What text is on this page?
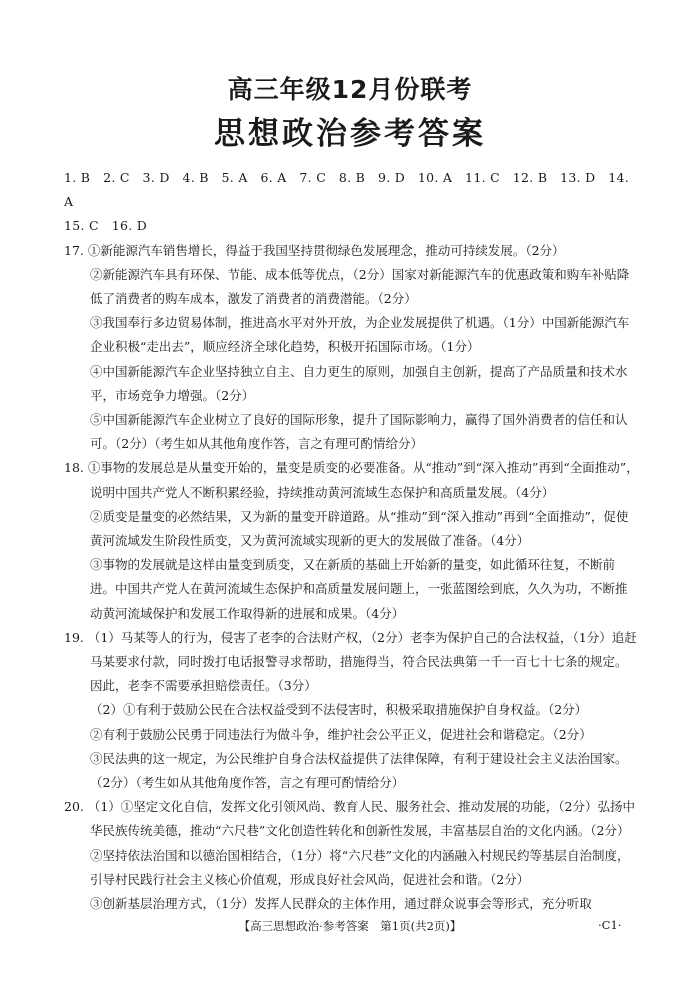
高三年级12月份联考
思想政治参考答案

1. B　2. C　3. D　4. B　5. A　6. A　7. C　8. B　9. D　10. A　11. C　12. B　13. D　14. A

15. C　16. D

17. ①新能源汽车销售增长，得益于我国坚持贯彻绿色发展理念，推动可持续发展。（2分）

②新能源汽车具有环保、节能、成本低等优点，（2分）国家对新能源汽车的优惠政策和购车补贴降低了消费者的购车成本，激发了消费者的消费潜能。（2分）

③我国奉行多边贸易体制，推进高水平对外开放，为企业发展提供了机遇。（1分）中国新能源汽车企业积极“走出去”，顺应经济全球化趋势，积极开拓国际市场。（1分）

④中国新能源汽车企业坚持独立自主、自力更生的原则，加强自主创新，提高了产品质量和技术水平，市场竞争力增强。（2分）

⑤中国新能源汽车企业树立了良好的国际形象，提升了国际影响力，赢得了国外消费者的信任和认可。（2分）（考生如从其他角度作答，言之有理可酌情给分）

18. ①事物的发展总是从量变开始的，量变是质变的必要准备。从“推动”到“深入推动”再到“全面推动”，说明中国共产党人不断积累经验，持续推动黄河流域生态保护和高质量发展。（4分）

②质变是量变的必然结果，又为新的量变开辟道路。从“推动”到“深入推动”再到“全面推动”，促使黄河流域发生阶段性质变，又为黄河流域实现新的更大的发展做了准备。（4分）

③事物的发展就是这样由量变到质变，又在新质的基础上开始新的量变，如此循环往复，不断前进。中国共产党人在黄河流域生态保护和高质量发展问题上，一张蓝图绘到底，久久为功，不断推动黄河流域保护和发展工作取得新的进展和成果。（4分）

19. （1）马某等人的行为，侵害了老李的合法财产权，（2分）老李为保护自己的合法权益，（1分）追赶马某要求付款，同时拨打电话报警寻求帮助，措施得当，符合民法典第一千一百七十七条的规定。因此，老李不需要承担赔偿责任。（3分）

（2）①有利于鼓励公民在合法权益受到不法侵害时，积极采取措施保护自身权益。（2分）

②有利于鼓励公民勇于同违法行为做斗争，维护社会公平正义，促进社会和谐稳定。（2分）

③民法典的这一规定，为公民维护自身合法权益提供了法律保障，有利于建设社会主义法治国家。（2分）（考生如从其他角度作答，言之有理可酌情给分）

20. （1）①坚定文化自信，发挥文化引领风尚、教育人民、服务社会、推动发展的功能，（2分）弘扬中华民族传统美德，推动“六尺巷”文化创造性转化和创新性发展，丰富基层自治的文化内涵。（2分）

②坚持依法治国和以德治国相结合，（1分）将“六尺巷”文化的内涵融入村规民约等基层自治制度，引导村民践行社会主义核心价值观，形成良好社会风尚，促进社会和谐。（2分）

③创新基层治理方式，（1分）发挥人民群众的主体作用，通过群众说事会等形式，充分听取

【高三思想政治·参考答案　第1页(共2页)】	·C1·
